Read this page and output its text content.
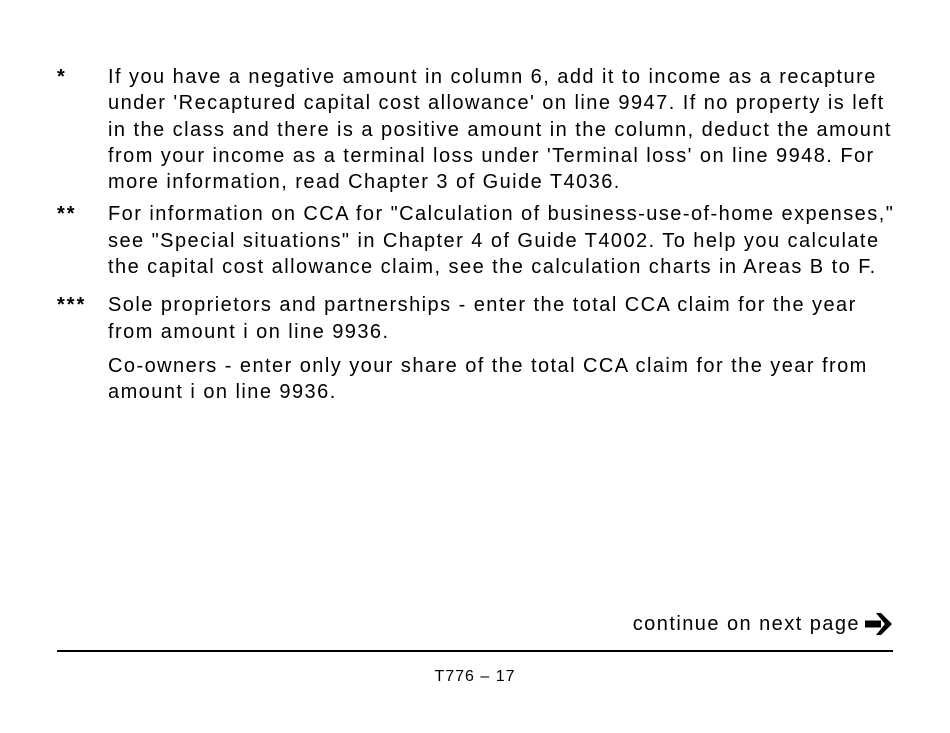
*	If you have a negative amount in column 6, add it to income as a recapture under 'Recaptured capital cost allowance' on line 9947. If no property is left in the class and there is a positive amount in the column, deduct the amount from your income as a terminal loss under 'Terminal loss' on line 9948. For more information, read Chapter 3 of Guide T4036.

**	For information on CCA for "Calculation of business-use-of-home expenses," see "Special situations" in Chapter 4 of Guide T4002. To help you calculate the capital cost allowance claim, see the calculation charts in Areas B to F.

***	Sole proprietors and partnerships - enter the total CCA claim for the year from amount i on line 9936.

Co-owners - enter only your share of the total CCA claim for the year from amount i on line 9936.

continue on next page
T776 – 17
